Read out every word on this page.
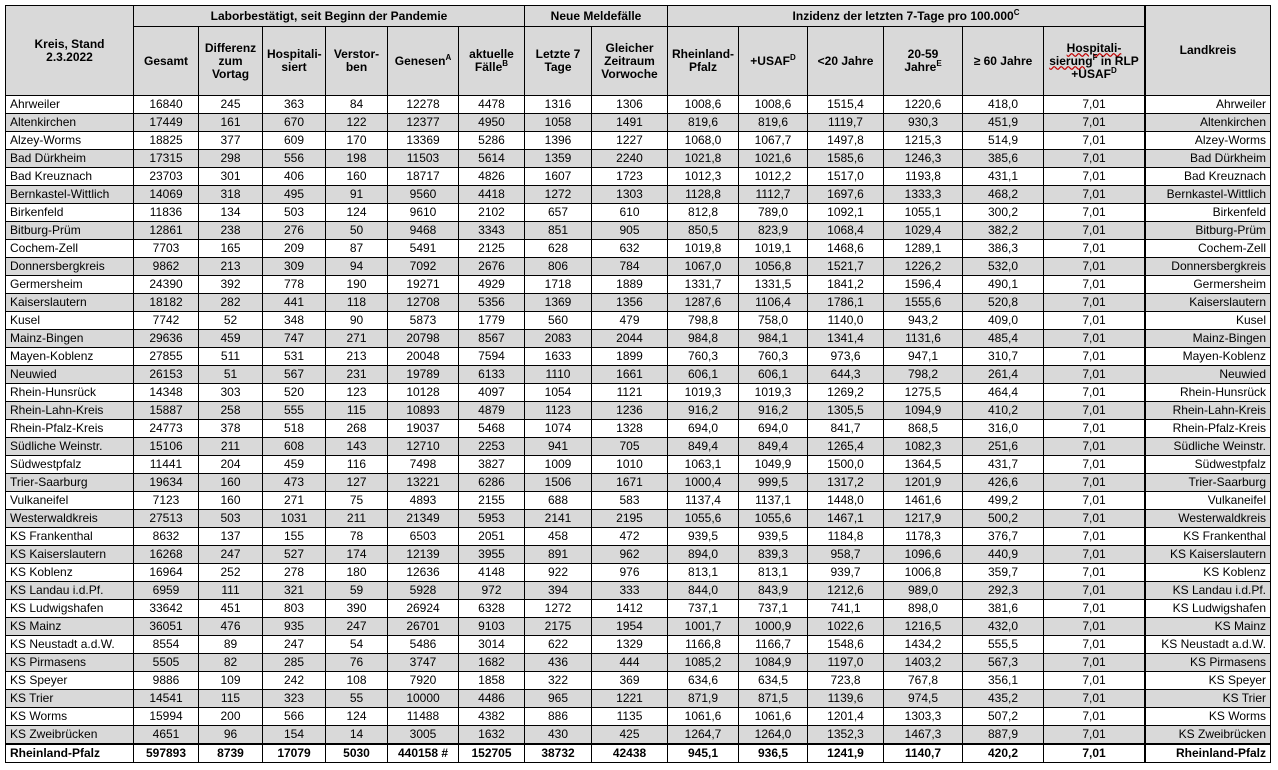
Kreis, Stand 2.3.2022	Laborbestätigt, seit Beginn der Pandemie						Neue Meldefälle		Inzidenz der letzten 7-Tage pro $100.000^C$						Landkreis
	Gesamt	Differenz zum Vortag	Hospitali-siert	Verstor-ben	Genesen$^A$	aktuelle Fälle$^B$	Letzte 7 Tage	Gleicher Zeitraum Vorwoche	Rheinland-Pfalz	$+USAF^D$	<20 Jahre	20-59 Jahre$^E$	≥ 60 Jahre	Hospitali-sierung$^F$ in RLP $+USAF^D$
Ahrweiler	16840	245	363	84	12278	4478	1316	1306	1008,6	1008,6	1515,4	1220,6	418,0	7,01		Ahrweiler
Altenkirchen	17449	161	670	122	12377	4950	1058	1491	819,6	819,6	1119,7	930,3	451,9	7,01		Altenkirchen
Alzey-Worms	18825	377	609	170	13369	5286	1396	1227	1068,0	1067,7	1497,8	1215,3	514,9	7,01		Alzey-Worms
Bad Dürkheim	17315	298	556	198	11503	5614	1359	2240	1021,8	1021,6	1585,6	1246,3	385,6	7,01		Bad Dürkheim
Bad Kreuznach	23703	301	406	160	18717	4826	1607	1723	1012,3	1012,2	1517,0	1193,8	431,1	7,01		Bad Kreuznach
Bernkastel-Wittlich	14069	318	495	91	9560	4418	1272	1303	1128,8	1112,7	1697,6	1333,3	468,2	7,01		Bernkastel-Wittlich
Birkenfeld	11836	134	503	124	9610	2102	657	610	812,8	789,0	1092,1	1055,1	300,2	7,01		Birkenfeld
Bitburg-Prüm	12861	238	276	50	9468	3343	851	905	850,5	823,9	1068,4	1029,4	382,2	7,01		Bitburg-Prüm
Cochem-Zell	7703	165	209	87	5491	2125	628	632	1019,8	1019,1	1468,6	1289,1	386,3	7,01		Cochem-Zell
Donnersbergkreis	9862	213	309	94	7092	2676	806	784	1067,0	1056,8	1521,7	1226,2	532,0	7,01		Donnersbergkreis
Germersheim	24390	392	778	190	19271	4929	1718	1889	1331,7	1331,5	1841,2	1596,4	490,1	7,01		Germersheim
Kaiserslautern	18182	282	441	118	12708	5356	1369	1356	1287,6	1106,4	1786,1	1555,6	520,8	7,01		Kaiserslautern
Kusel	7742	52	348	90	5873	1779	560	479	798,8	758,0	1140,0	943,2	409,0	7,01		Kusel
Mainz-Bingen	29636	459	747	271	20798	8567	2083	2044	984,8	984,1	1341,4	1131,6	485,4	7,01		Mainz-Bingen
Mayen-Koblenz	27855	511	531	213	20048	7594	1633	1899	760,3	760,3	973,6	947,1	310,7	7,01		Mayen-Koblenz
Neuwied	26153	51	567	231	19789	6133	1110	1661	606,1	606,1	644,3	798,2	261,4	7,01		Neuwied
Rhein-Hunsrück	14348	303	520	123	10128	4097	1054	1121	1019,3	1019,3	1269,2	1275,5	464,4	7,01		Rhein-Hunsrück
Rhein-Lahn-Kreis	15887	258	555	115	10893	4879	1123	1236	916,2	916,2	1305,5	1094,9	410,2	7,01		Rhein-Lahn-Kreis
Rhein-Pfalz-Kreis	24773	378	518	268	19037	5468	1074	1328	694,0	694,0	841,7	868,5	316,0	7,01		Rhein-Pfalz-Kreis
Südliche Weinstr.	15106	211	608	143	12710	2253	941	705	849,4	849,4	1265,4	1082,3	251,6	7,01		Südliche Weinstr.
Südwestpfalz	11441	204	459	116	7498	3827	1009	1010	1063,1	1049,9	1500,0	1364,5	431,7	7,01		Südwestpfalz
Trier-Saarburg	19634	160	473	127	13221	6286	1506	1671	1000,4	999,5	1317,2	1201,9	426,6	7,01		Trier-Saarburg
Vulkaneifel	7123	160	271	75	4893	2155	688	583	1137,4	1137,1	1448,0	1461,6	499,2	7,01		Vulkaneifel
Westerwaldkreis	27513	503	1031	211	21349	5953	2141	2195	1055,6	1055,6	1467,1	1217,9	500,2	7,01		Westerwaldkreis
KS Frankenthal	8632	137	155	78	6503	2051	458	472	939,5	939,5	1184,8	1178,3	376,7	7,01		KS Frankenthal
KS Kaiserslautern	16268	247	527	174	12139	3955	891	962	894,0	839,3	958,7	1096,6	440,9	7,01		KS Kaiserslautern
KS Koblenz	16964	252	278	180	12636	4148	922	976	813,1	813,1	939,7	1006,8	359,7	7,01		KS Koblenz
KS Landau i.d.Pf.	6959	111	321	59	5928	972	394	333	844,0	843,9	1212,6	989,0	292,3	7,01		KS Landau i.d.Pf.
KS Ludwigshafen	33642	451	803	390	26924	6328	1272	1412	737,1	737,1	741,1	898,0	381,6	7,01		KS Ludwigshafen
KS Mainz	36051	476	935	247	26701	9103	2175	1954	1001,7	1000,9	1022,6	1216,5	432,0	7,01		KS Mainz
KS Neustadt a.d.W.	8554	89	247	54	5486	3014	622	1329	1166,8	1166,7	1548,6	1434,2	555,5	7,01		KS Neustadt a.d.W.
KS Pirmasens	5505	82	285	76	3747	1682	436	444	1085,2	1084,9	1197,0	1403,2	567,3	7,01		KS Pirmasens
KS Speyer	9886	109	242	108	7920	1858	322	369	634,6	634,5	723,8	767,8	356,1	7,01		KS Speyer
KS Trier	14541	115	323	55	10000	4486	965	1221	871,9	871,5	1139,6	974,5	435,2	7,01		KS Trier
KS Worms	15994	200	566	124	11488	4382	886	1135	1061,6	1061,6	1201,4	1303,3	507,2	7,01		KS Worms
KS Zweibrücken	4651	96	154	14	3005	1632	430	425	1264,7	1264,0	1352,3	1467,3	887,9	7,01		KS Zweibrücken
Rheinland-Pfalz	597893	8739	17079	5030	440158 #	152705	38732	42438	945,1	936,5	1241,9	1140,7	420,2	7,01		Rheinland-Pfalz
